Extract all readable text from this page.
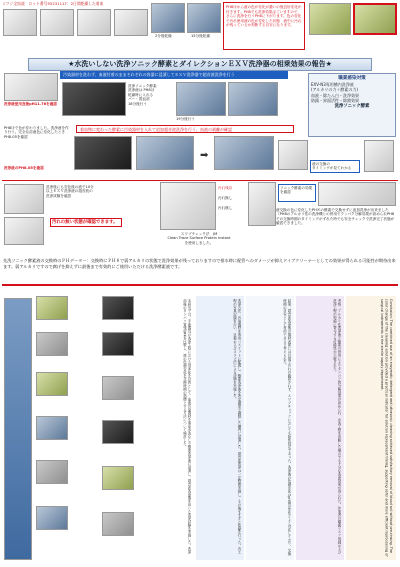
ミツジ全血液　ロット番号55231117：2日間乾燥した着血
2分後乾燥	15分後乾燥
PH8ほから液の色が変化が濃いの後良好変化が付きます。PH8でも洗浄効果ばごいますので、さらに洗浄を行うPH8に下がります。色の変化で汚れ使用液の色が変化した状態　液中に汚れが残っているか判断する目安になります。
★水洗いしない洗浄ソニック酵素とダイレクションＥＸＶ洗浄器の相乗効果の報告★
汚染器材を洗わず、血液付着のままそれぞれの容器に浸漬してＥＸＶ洗浄器で超音波洗浄を行う
洗浄液使用直後pH11.76を確認
洗浄ソニック酵素
洗浄液は PH8ほ
乾燥時に入れる
パー・着血部
18分後行う
19分後行う
職業感染対策
EXV-N3専用槽内洗浄液
(アルカリの力＋酵素の力)
血液・除たん白・洗浄効果
防錆・界面活性・除菌効果
洗浄ソニック酵素
液の交換の
タイミングが見てわかる
着血物に変わった酵素に汚染器材を入れて追加超音波洗浄を行う。血液の剥離が確認
PH8ほで色が変わりました。洗浄液を作り行う。完全な溶液色に変化したときPH8.05を確認
洗浄液のPH8.05を確認
➡
洗浄後にも変色後の液で10分以上ＥＸＶ洗浄液の超音波の洗浄試験を確認
汚れの無い状態が確認できます。
汚れ残存
汚れ無し
汚れ無し
スワブチェック法　JM
Clean Trace Surface Protein Instant
を使用しました。
ソニック酵素の効果を確認
液交換の色に変化したPH８の酵素で交換せずに追加洗浄が出来ました（PH8のアルカリ性の洗浄機との併用でランパク分解効果が高められPH8での交換時期のタイミングがずれた時でも安全チェックで洗浄完了状態が確認できました。
先洗ソニック酵素液の交換時のＰＨデーター：交換時にＰＨ８で弱アルカリの状態で洗浄効果が残っておりますので排水時に配管へのダメージが抑えドイブクリーナーとしての効果が得られる可能性が期待出来ます。弱アルカリですので腐げを抑えずに最後まで有効的にご使用いただける洗浄酵素液です。
本研究では、手術器具の洗浄工程における効率化を目的として、血液汚染器材を事前水洗なしで酵素洗浄液に浸漬し、超音波洗浄器を用いた洗浄試験を実施した。洗浄前後のタンパク質残留量を比較し、液の色調変化を交換時期の指標とする方法について検討した。	洗浄方法：汚染器材を専用バスケットに配置し、酵素洗浄液を所定濃度で調製した槽内に浸漬した。超音波洗浄は一定時間実施し、その後すすぎと乾燥を行った。各工程の写真記録を行い、目視およびスワブ法による評価を実施した。	結果：超音波洗浄後の器材表面には目視で汚れが確認されず、スワブチェックにおいても陰性判定であった。洗浄液の色調変化はpH値の変化とよく対応しており、交換時期の目安として有用であると考えられた。	考察：アルカリ性洗浄液と酵素の併用によりタンパク質分解効果が高められ、水洗工程を省略した場合でも十分な洗浄効果が得られた。作業者の曝露リスク低減および洗浄工程の短縮に寄与する可能性が示唆された。	Conclusion: The combined use of an enzymatic detergent and ultrasonic cleaning achieved satisfactory removal of blood soil without pre-rinsing. The color change of the cleaning solution provided a practical indicator for solution replacement timing, supporting safer and more efficient reprocessing of surgical instruments in the sterile supply department.
